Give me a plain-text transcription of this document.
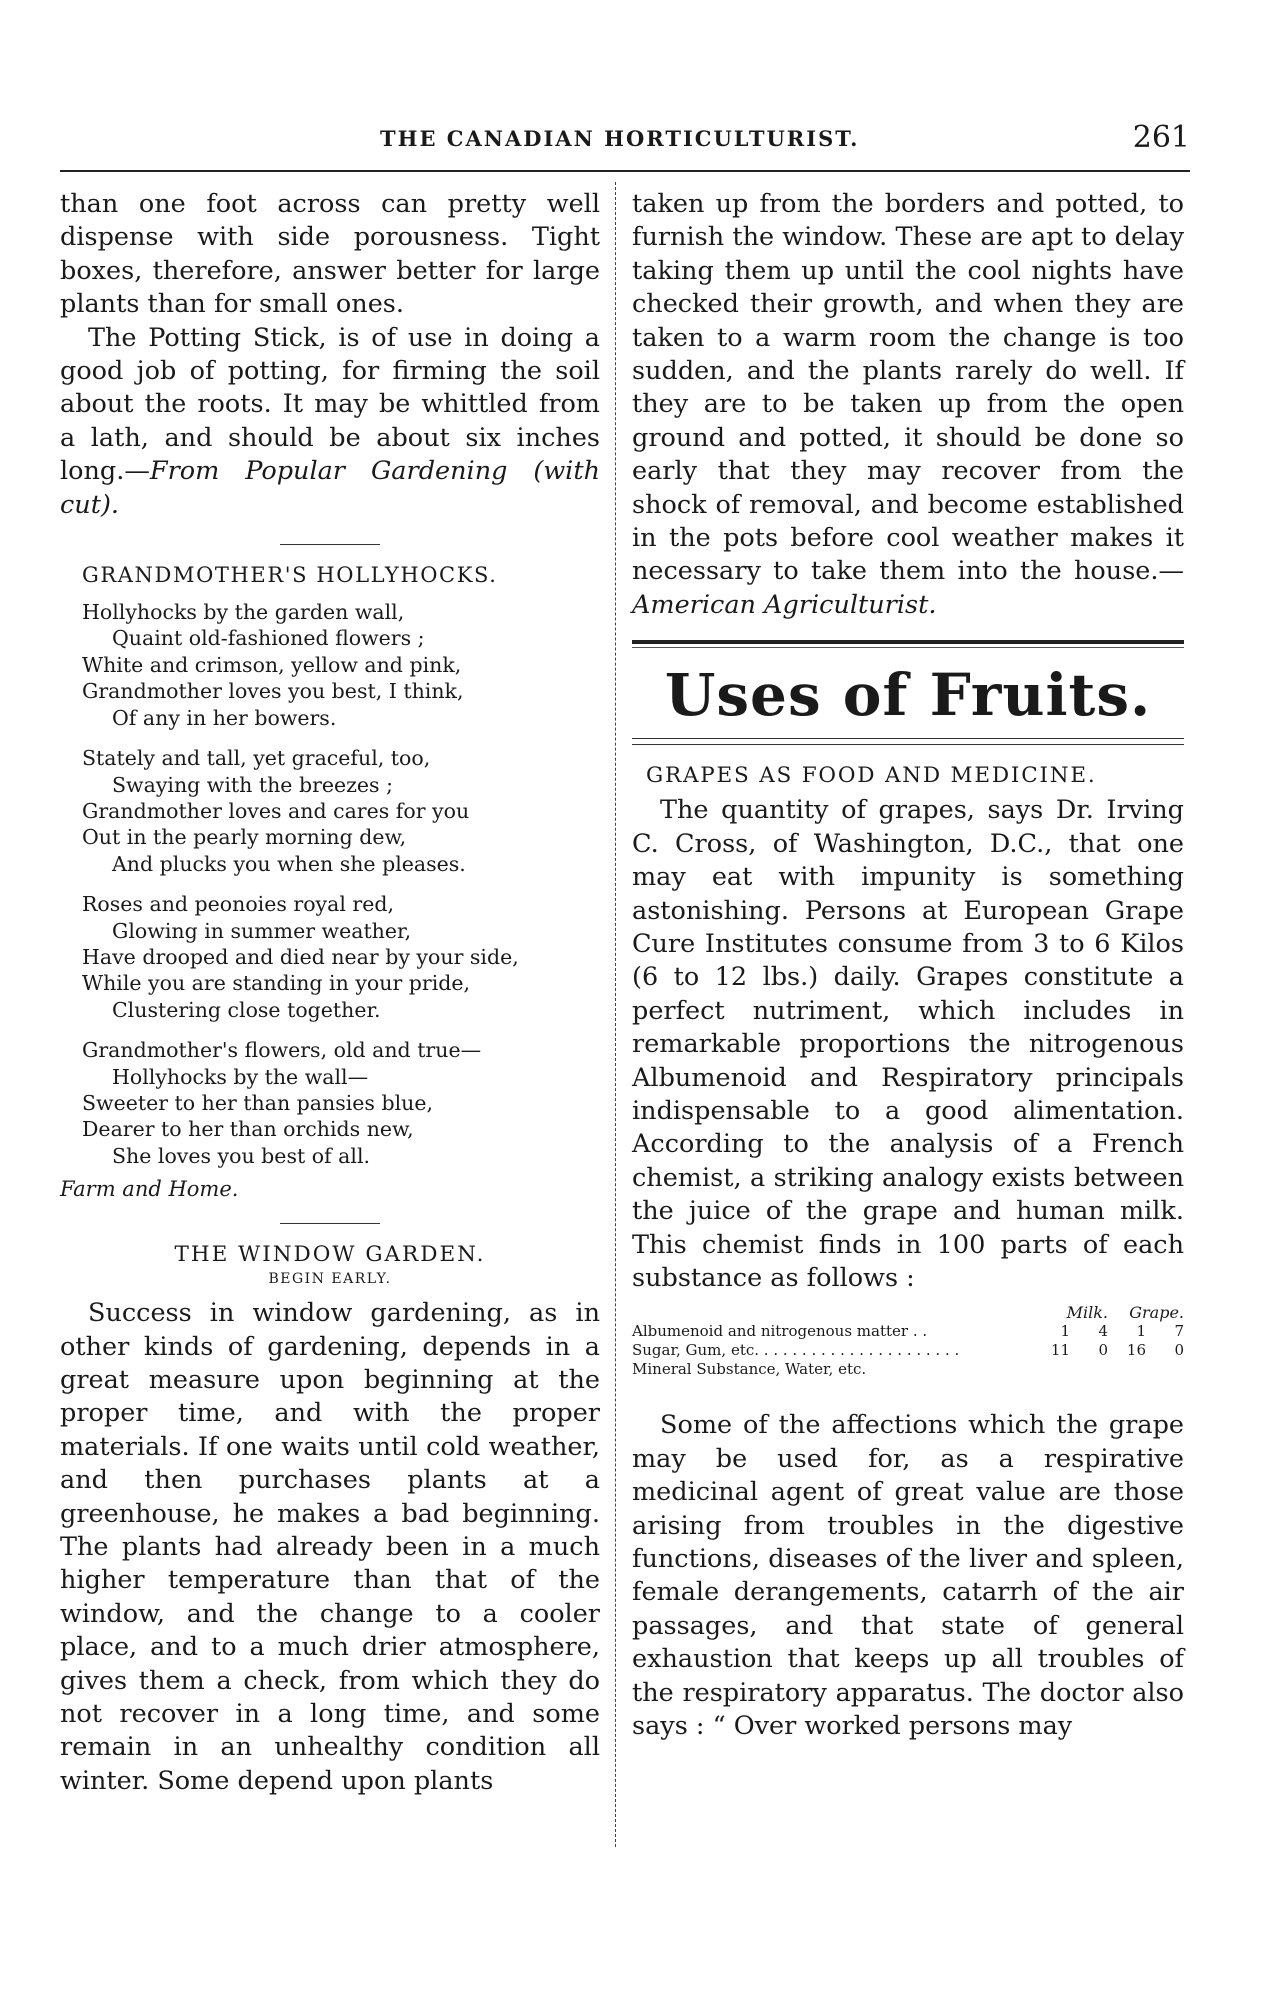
THE CANADIAN HORTICULTURIST.	261

than one foot across can pretty well dispense with side porousness. Tight boxes, therefore, answer better for large plants than for small ones.

The Potting Stick, is of use in doing a good job of potting, for firming the soil about the roots. It may be whittled from a lath, and should be about six inches long.—From Popular Gardening (with cut).

GRANDMOTHER'S HOLLYHOCKS.
Hollyhocks by the garden wall,
Quaint old-fashioned flowers ;
White and crimson, yellow and pink,
Grandmother loves you best, I think,
Of any in her bowers.
Stately and tall, yet graceful, too,
Swaying with the breezes ;
Grandmother loves and cares for you
Out in the pearly morning dew,
And plucks you when she pleases.
Roses and peonoies royal red,
Glowing in summer weather,
Have drooped and died near by your side,
While you are standing in your pride,
Clustering close together.
Grandmother's flowers, old and true—
Hollyhocks by the wall—
Sweeter to her than pansies blue,
Dearer to her than orchids new,
She loves you best of all.
Farm and Home.
THE WINDOW GARDEN.
BEGIN EARLY.

Success in window gardening, as in other kinds of gardening, depends in a great measure upon beginning at the proper time, and with the proper materials. If one waits until cold weather, and then purchases plants at a greenhouse, he makes a bad beginning. The plants had already been in a much higher temperature than that of the window, and the change to a cooler place, and to a much drier atmosphere, gives them a check, from which they do not recover in a long time, and some remain in an unhealthy condition all winter. Some depend upon plants

taken up from the borders and potted, to furnish the window. These are apt to delay taking them up until the cool nights have checked their growth, and when they are taken to a warm room the change is too sudden, and the plants rarely do well. If they are to be taken up from the open ground and potted, it should be done so early that they may recover from the shock of removal, and become established in the pots before cool weather makes it necessary to take them into the house.—American Agriculturist.

Uses of Fruits.
GRAPES AS FOOD AND MEDICINE.

The quantity of grapes, says Dr. Irving C. Cross, of Washington, D.C., that one may eat with impunity is something astonishing. Persons at European Grape Cure Institutes consume from 3 to 6 Kilos (6 to 12 lbs.) daily. Grapes constitute a perfect nutriment, which includes in remarkable proportions the nitrogenous Albumenoid and Respiratory principals indispensable to a good alimentation. According to the analysis of a French chemist, a striking analogy exists between the juice of the grape and human milk. This chemist finds in 100 parts of each substance as follows :

	Milk.		Grape.	
Albumenoid and nitrogenous matter . .	1	4	1	7
Sugar, Gum, etc. . . . . . . . . . . . . . . . . . . . . .	11	0	16	0
Mineral Substance, Water, etc.				

Some of the affections which the grape may be used for, as a respirative medicinal agent of great value are those arising from troubles in the digestive functions, diseases of the liver and spleen, female derangements, catarrh of the air passages, and that state of general exhaustion that keeps up all troubles of the respiratory apparatus. The doctor also says : “ Over worked persons may
